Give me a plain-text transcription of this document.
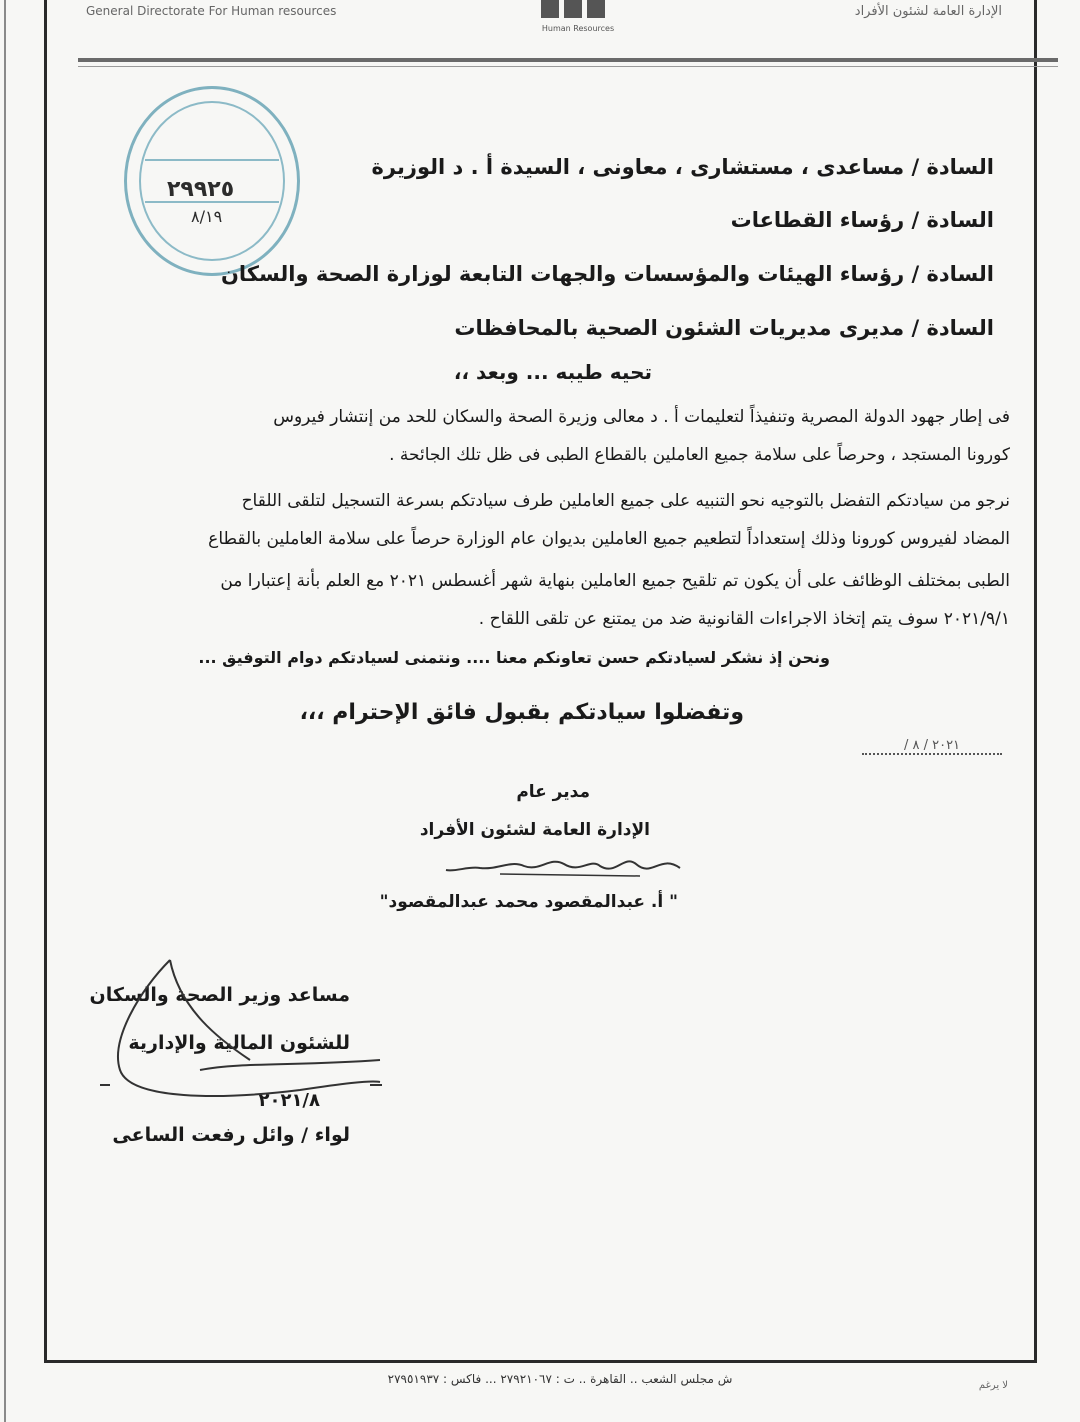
General Directorate For Human resources
Human Resources
الإدارة العامة لشئون الأفراد
٢٩٩٢٥
٨/١٩
السادة / مساعدى ، مستشارى ، معاونى ، السيدة أ . د الوزيرة
السادة / رؤساء القطاعات
السادة / رؤساء الهيئات والمؤسسات والجهات التابعة لوزارة الصحة والسكان
السادة / مديرى مديريات الشئون الصحية بالمحافظات
تحيه طيبه ... وبعد ،،
فى إطار جهود الدولة المصرية وتنفيذاً لتعليمات أ . د معالى وزيرة الصحة والسكان للحد من إنتشار فيروس
كورونا المستجد ، وحرصاً على سلامة جميع العاملين بالقطاع الطبى فى ظل تلك الجائحة .
نرجو من سيادتكم التفضل بالتوجيه نحو التنبيه على جميع العاملين طرف سيادتكم بسرعة التسجيل لتلقى اللقاح
المضاد لفيروس كورونا وذلك إستعداداً لتطعيم جميع العاملين بديوان عام الوزارة حرصاً على سلامة العاملين بالقطاع
الطبى بمختلف الوظائف على أن يكون تم تلقيح جميع العاملين بنهاية شهر أغسطس ٢٠٢١ مع العلم بأنة إعتبارا من
٢٠٢١/٩/١ سوف يتم إتخاذ الاجراءات القانونية ضد من يمتنع عن تلقى اللقاح .
ونحن إذ نشكر لسيادتكم حسن تعاونكم معنا .... ونتمنى لسيادتكم دوام التوفيق ...
وتفضلوا سيادتكم بقبول فائق الإحترام ،،،
٢٠٢١ / ٨ /
مدير عام
الإدارة العامة لشئون الأفراد
" أ. عبدالمقصود محمد عبدالمقصود"
مساعد وزير الصحة والسكان
للشئون المالية والإدارية
٢٠٢١/٨
لواء / وائل رفعت الساعى
ش مجلس الشعب .. القاهرة .. ت : ٢٧٩٢١٠٦٧ ... فاكس : ٢٧٩٥١٩٣٧	لا يرغم
